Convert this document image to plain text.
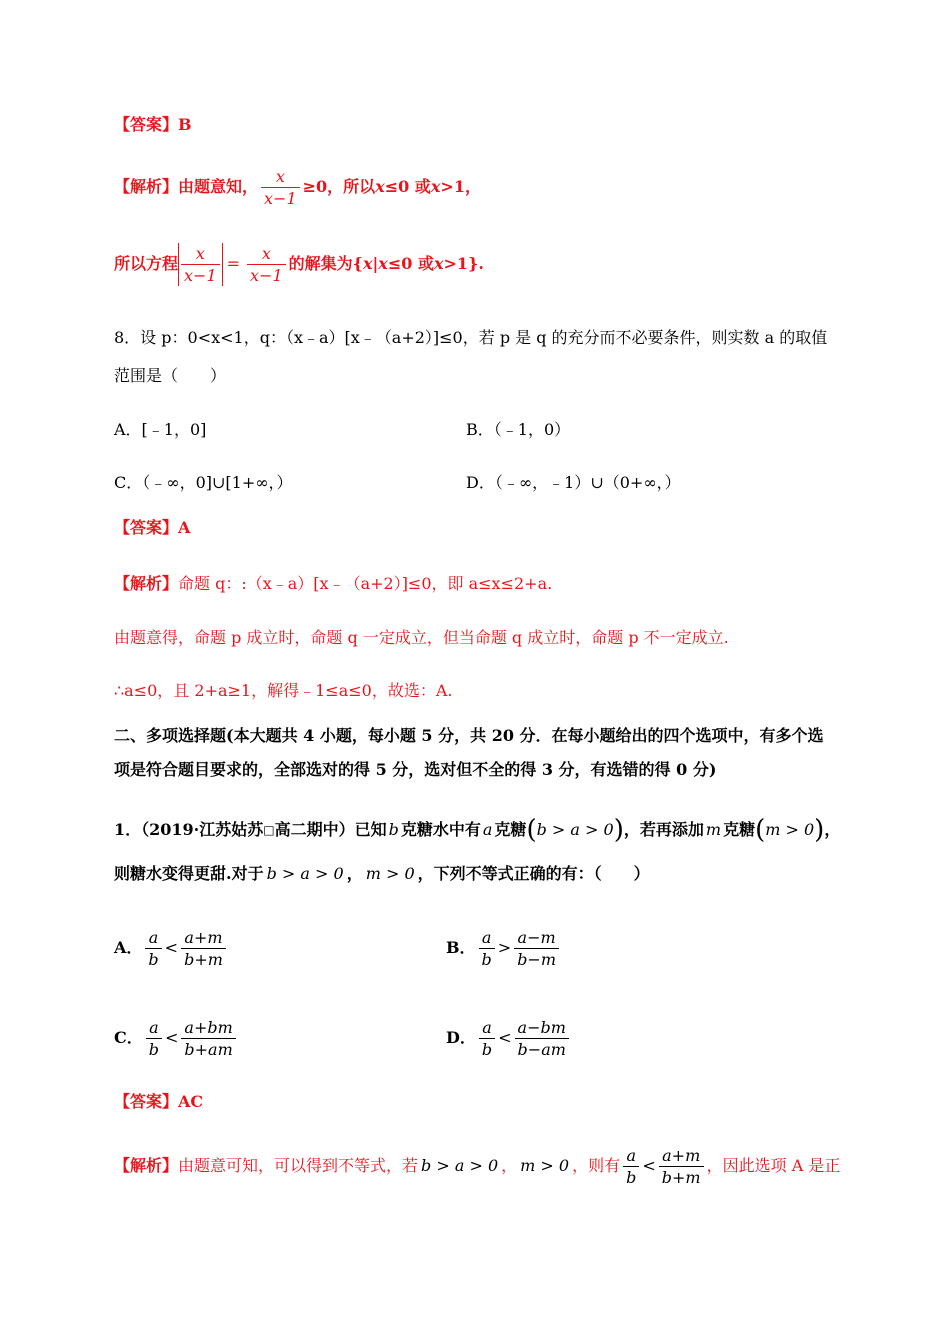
【答案】B
【解析】 由题意知， $\frac{x}{x-1} \ge 0$，所以 x ≤0 或 x >1，
所以方程 $\frac{x}{x-1} = \frac{x}{x-1}$ 的解集为{ x|x ≤0 或 x >1}.
8．设 p：0<x<1，q：（x﹣a）[x﹣（a+2）]≤0，若 p 是 q 的充分而不必要条件，则实数 a 的取值
范围是（　　）
A．[﹣1，0]	B．（﹣1，0）
C．（﹣∞，0]∪[1+∞，）	D．（﹣∞，﹣1）∪（0+∞，）
【答案】A
【解析】命题 q：:（x﹣a）[x﹣（a+2）]≤0，即 a≤x≤2+a.
由题意得，命题 p 成立时，命题 q 一定成立，但当命题 q 成立时，命题 p 不一定成立.
∴a≤0，且 2+a≥1，解得﹣1≤a≤0，故选：A.
二、多项选择题(本大题共 4 小题，每小题 5 分，共 20 分．在每小题给出的四个选项中，有多个选
项是符合题目要求的，全部选对的得 5 分，选对但不全的得 3 分，有选错的得 0 分)
1．（2019·江苏姑苏 □ 高二期中）已知 b 克糖水中有 a 克糖 ( b > a > 0 ) ，若再添加 m 克糖 ( m > 0 ) ，
则糖水变得更甜.对于 b > a > 0 ， m > 0 ，下列不等式正确的有：（　　）
A． $\frac{a}{b} < \frac{a+m}{b+m}$	B． $\frac{a}{b} > \frac{a-m}{b-m}$
C． $\frac{a}{b} < \frac{a+bm}{b+am}$	D． $\frac{a}{b} < \frac{a-bm}{b-am}$
【答案】AC
【解析】 由题意可知，可以得到不等式，若 b > a > 0 ， m > 0 ，则有 $\frac{a}{b} < \frac{a+m}{b+m}$ ，因此选项 A 是正
